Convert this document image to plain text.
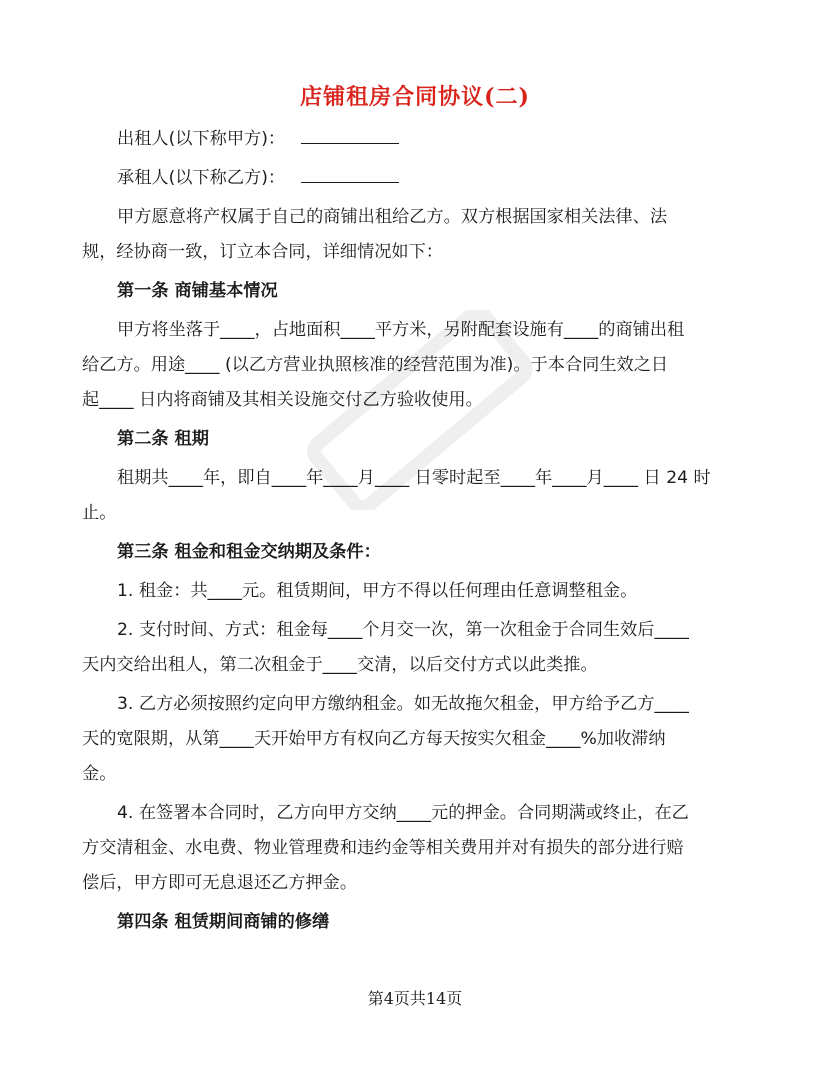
店铺租房合同协议(二)

出租人(以下称甲方)：

承租人(以下称乙方)：

甲方愿意将产权属于自己的商铺出租给乙方。双方根据国家相关法律、法

规，经协商一致，订立本合同，详细情况如下：

第一条 商铺基本情况

甲方将坐落于____，占地面积____平方米，另附配套设施有____的商铺出租

给乙方。用途____ (以乙方营业执照核准的经营范围为准)。于本合同生效之日

起____ 日内将商铺及其相关设施交付乙方验收使用。

第二条 租期

租期共____年，即自____年____月____ 日零时起至____年____月____ 日 24 时

止。

第三条 租金和租金交纳期及条件：

1. 租金：共____元。租赁期间，甲方不得以任何理由任意调整租金。

2. 支付时间、方式：租金每____个月交一次，第一次租金于合同生效后____

天内交给出租人，第二次租金于____交清，以后交付方式以此类推。

3. 乙方必须按照约定向甲方缴纳租金。如无故拖欠租金，甲方给予乙方____

天的宽限期，从第____天开始甲方有权向乙方每天按实欠租金____%加收滞纳

金。

4. 在签署本合同时，乙方向甲方交纳____元的押金。合同期满或终止，在乙

方交清租金、水电费、物业管理费和违约金等相关费用并对有损失的部分进行赔

偿后，甲方即可无息退还乙方押金。

第四条 租赁期间商铺的修缮

第4页共14页
